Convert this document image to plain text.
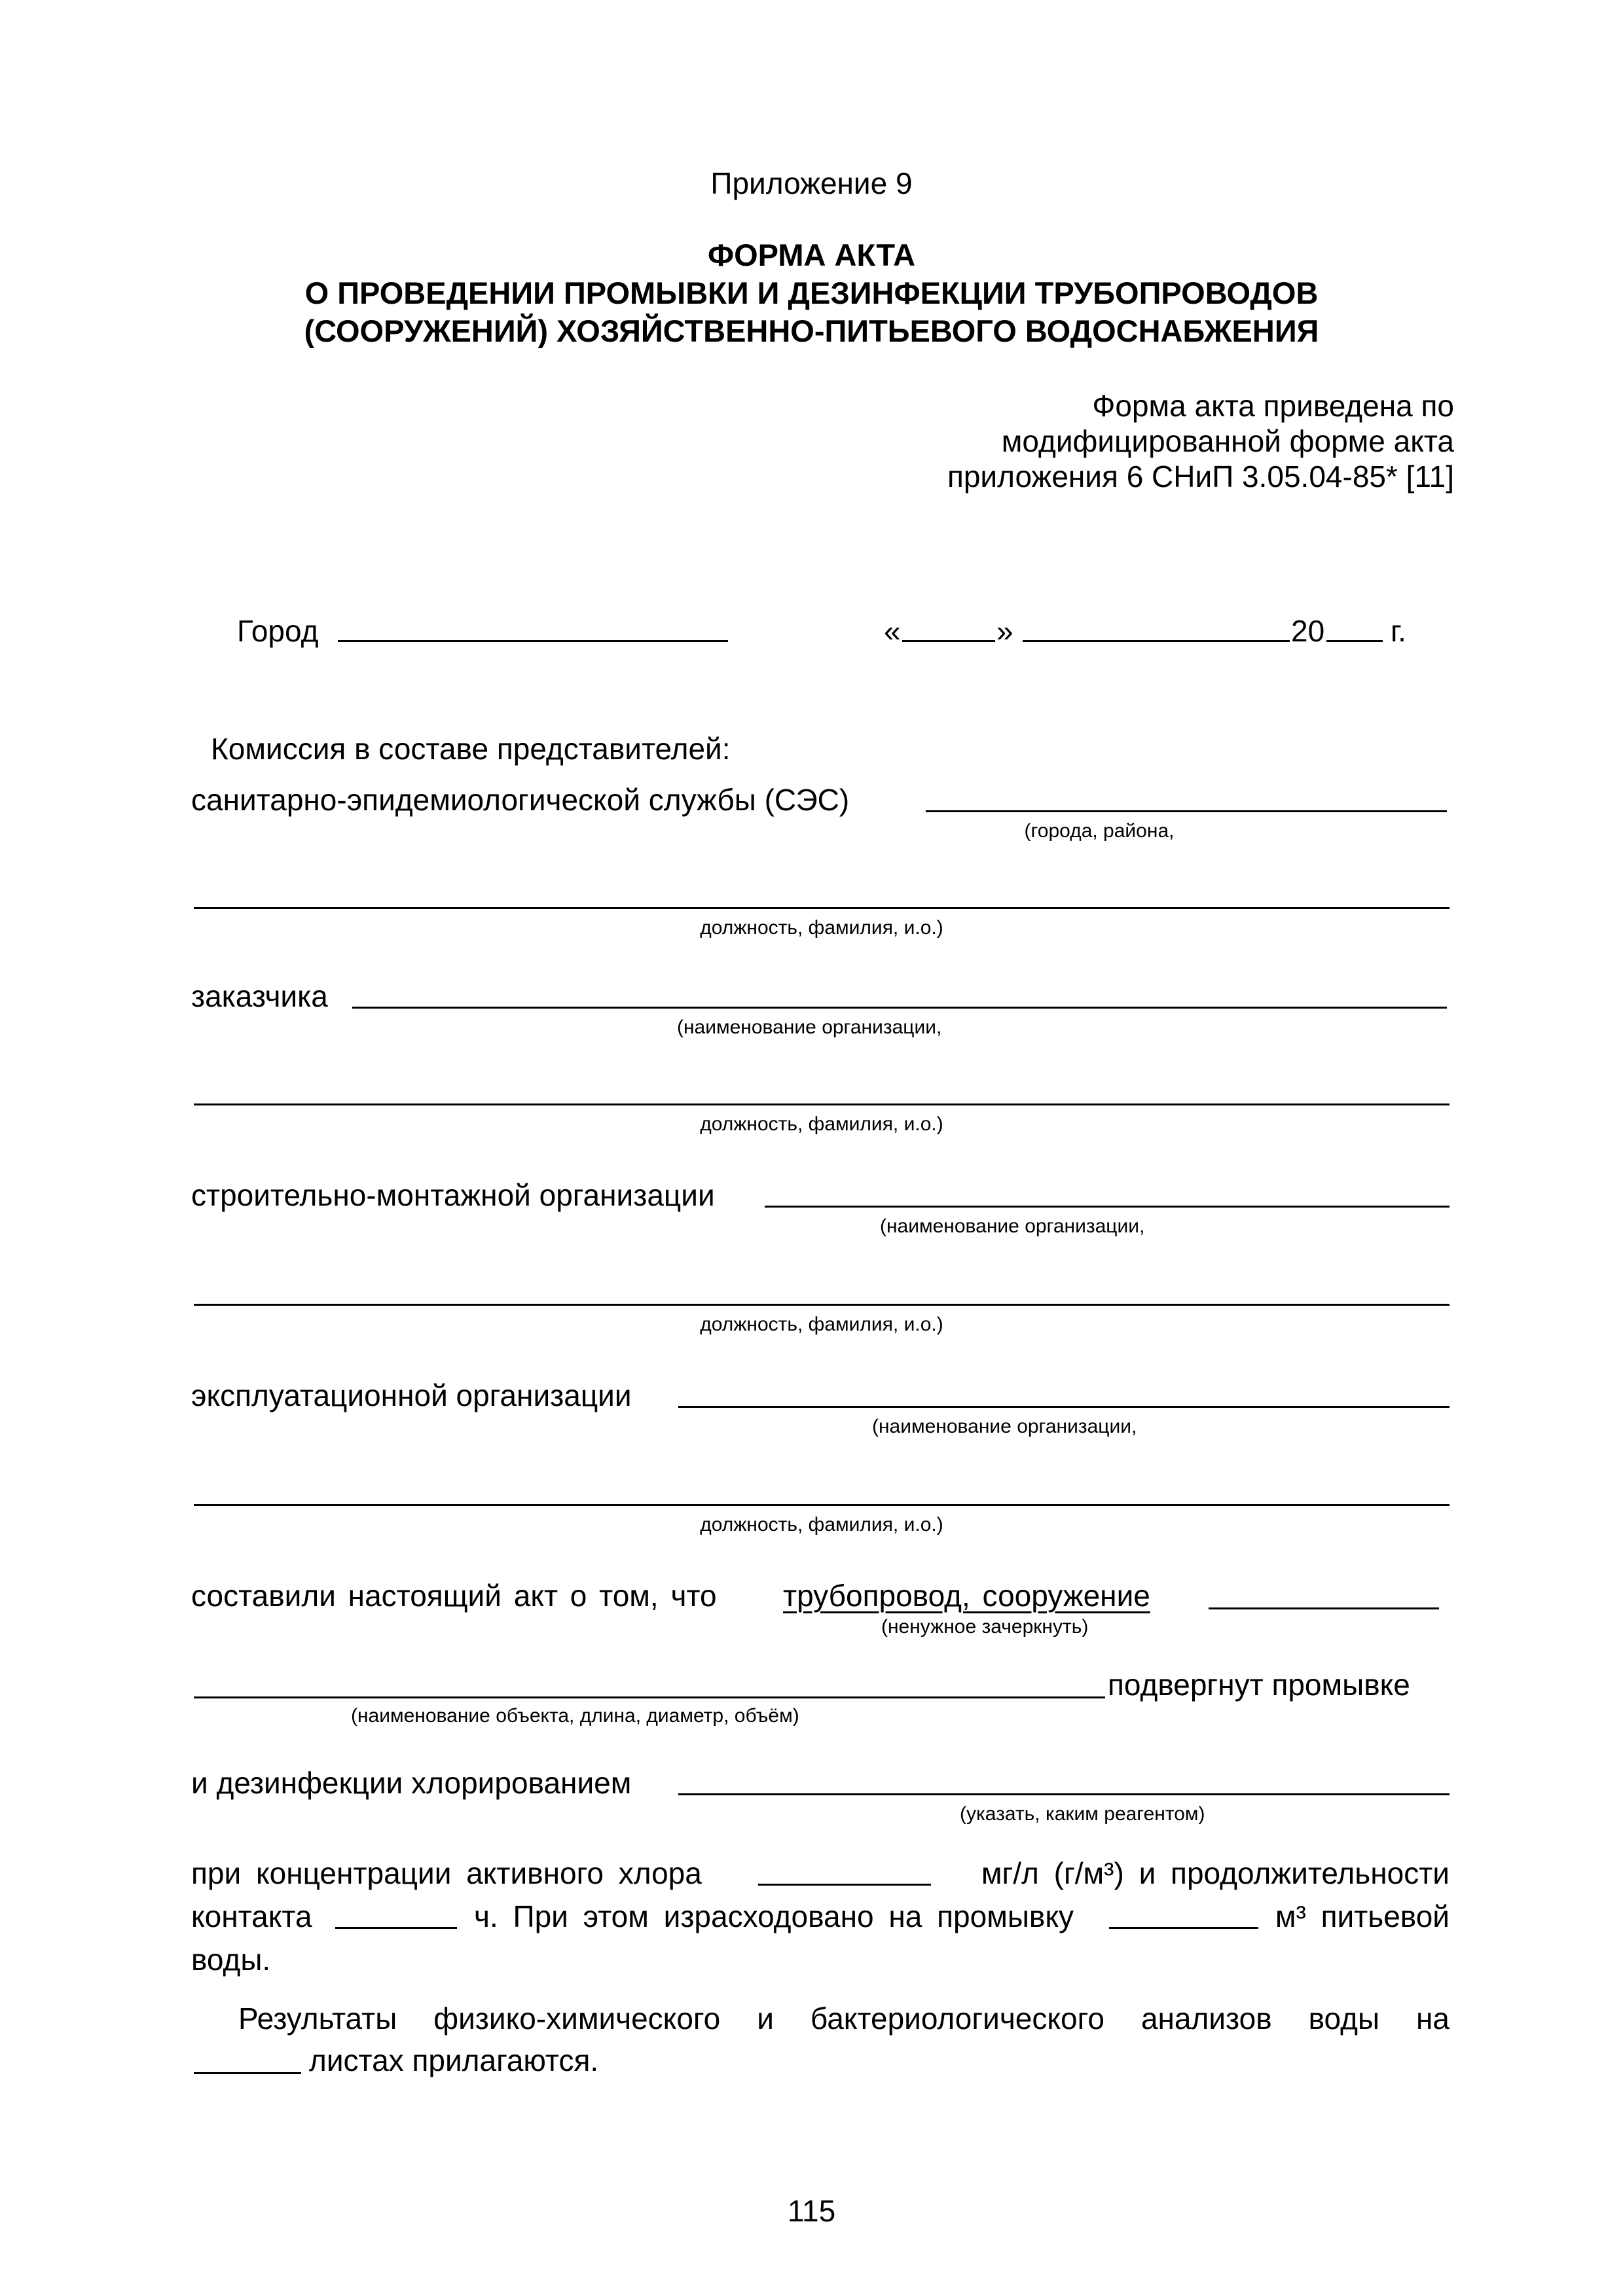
Приложение 9
ФОРМА АКТА
О ПРОВЕДЕНИИ ПРОМЫВКИ И ДЕЗИНФЕКЦИИ ТРУБОПРОВОДОВ
(СООРУЖЕНИЙ) ХОЗЯЙСТВЕННО-ПИТЬЕВОГО ВОДОСНАБЖЕНИЯ
Форма акта приведена по
модифицированной форме акта
приложения 6 СНиП 3.05.04-85* [11]
Город	«	»	20 г.
Комиссия в составе представителей:
санитарно-эпидемиологической службы (СЭС)
(города, района,
должность, фамилия, и.о.)
заказчика
(наименование организации,
должность, фамилия, и.о.)
строительно-монтажной организации
(наименование организации,
должность, фамилия, и.о.)
эксплуатационной организации
(наименование организации,
должность, фамилия, и.о.)
составили настоящий акт о том, что трубопровод, сооружение
(ненужное зачеркнуть)
подвергнут промывке
(наименование объекта, длина, диаметр, объём)
и дезинфекции хлорированием
(указать, каким реагентом)
при концентрации активного хлора	мг/л (г/м³) и продолжительности
контакта	ч. При этом израсходовано на промывку	м³ питьевой
воды.
Результаты физико-химического и бактериологического анализов воды на
листах прилагаются.
115
